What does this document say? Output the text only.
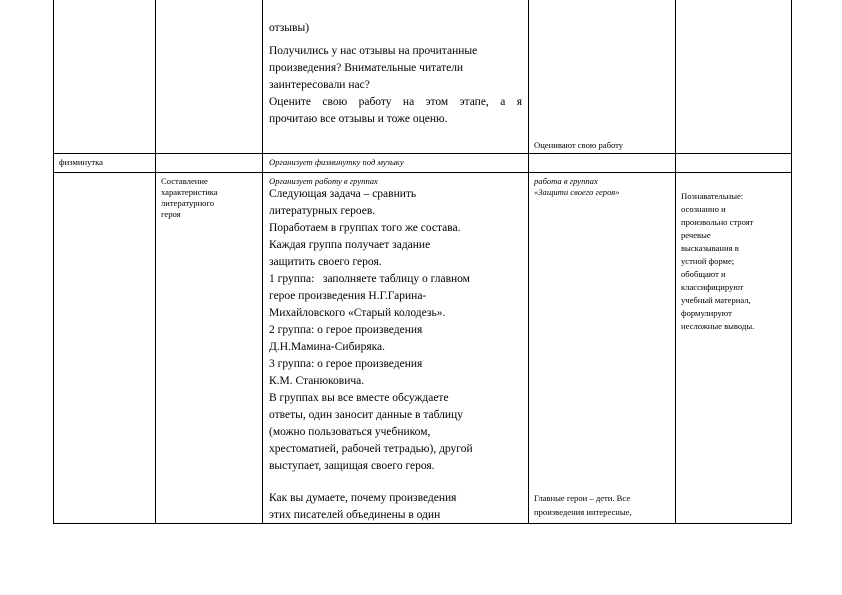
отзывы)
Получились у нас отзывы на прочитанные
произведения? Внимательные читатели
заинтересовали нас?
Оцените свою работу на этом этапе, а я
прочитаю все отзывы и тоже оценю.
Оценивают свою работу
физминутка	Организует физминутку под музыку
Составление
характеристика
литературного
героя
Организует работу в группах
Следующая задача – сравнить
литературных героев.
Поработаем в группах того же состава.
Каждая группа получает задание
защитить своего героя.
1 группа:   заполняете таблицу о главном
герое произведения Н.Г.Гарина-
Михайловского «Старый колодезь».
2 группа: о герое произведения
Д.Н.Мамина-Сибиряка.
3 группа: о герое произведения
К.М. Станюковича.
В группах вы все вместе обсуждаете
ответы, один заносит данные в таблицу
(можно пользоваться учебником,
хрестоматией, рабочей тетрадью), другой
выступает, защищая своего героя.
Как вы думаете, почему произведения
этих писателей объединены в один
работа в группах
«Защити своего героя»
Главные герои – дети. Все
произведения интересные,
Познавательные:
осознанно и
произвольно строят
речевые
высказывания в
устной форме;
обобщают и
классифицируют
учебный материал,
формулируют
несложные выводы.
